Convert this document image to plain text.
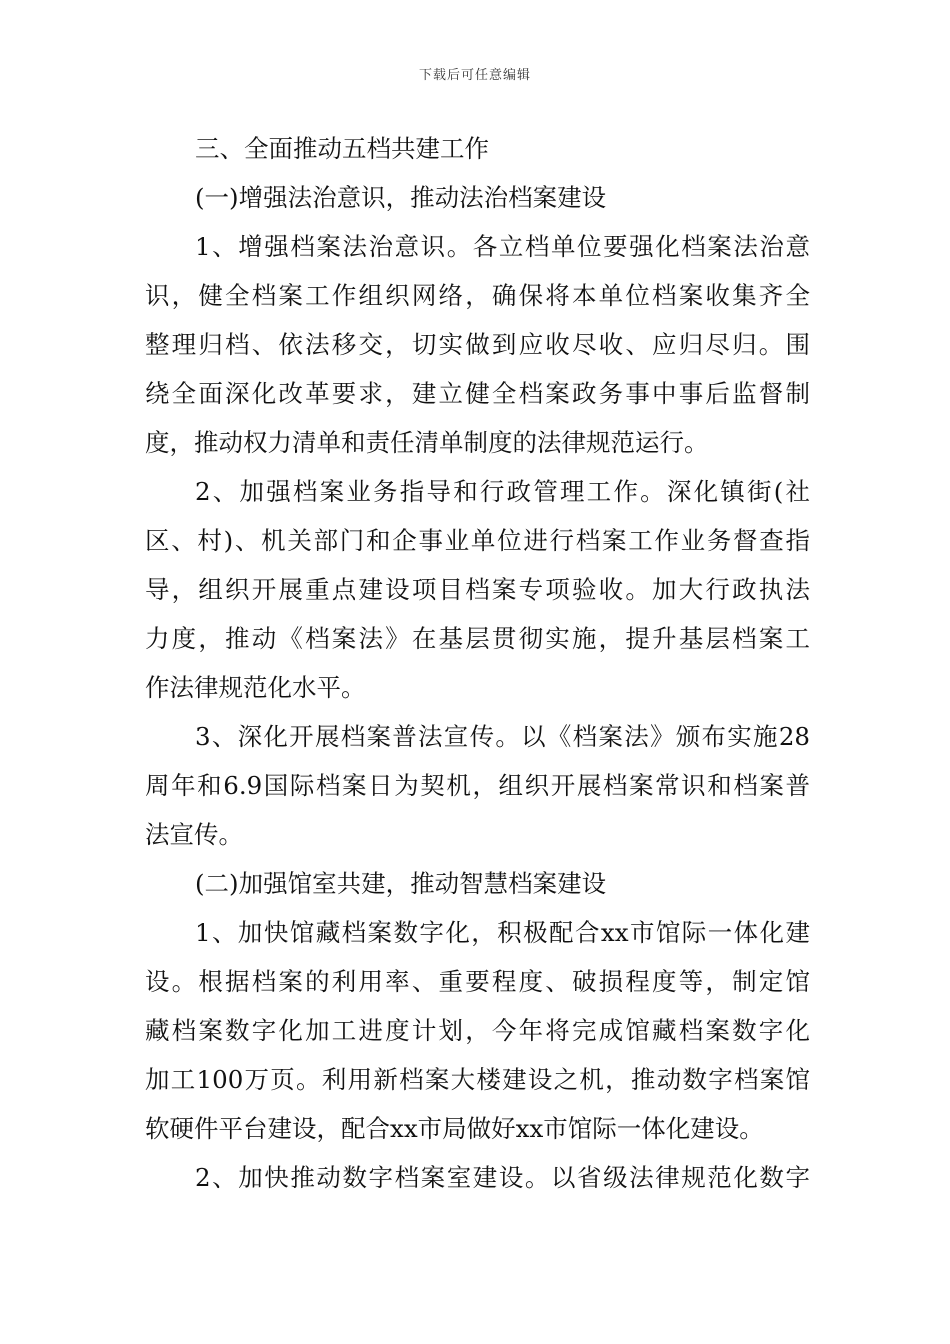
下载后可任意编辑
三、全面推动五档共建工作
(一)增强法治意识，推动法治档案建设
1、增强档案法治意识。各立档单位要强化档案法治意
识，健全档案工作组织网络，确保将本单位档案收集齐全
整理归档、依法移交，切实做到应收尽收、应归尽归。围
绕全面深化改革要求，建立健全档案政务事中事后监督制
度，推动权力清单和责任清单制度的法律规范运行。
2、加强档案业务指导和行政管理工作。深化镇街(社
区、村)、机关部门和企事业单位进行档案工作业务督查指
导，组织开展重点建设项目档案专项验收。加大行政执法
力度，推动《档案法》在基层贯彻实施，提升基层档案工
作法律规范化水平。
3、深化开展档案普法宣传。以《档案法》颁布实施28
周年和6.9国际档案日为契机，组织开展档案常识和档案普
法宣传。
(二)加强馆室共建，推动智慧档案建设
1、加快馆藏档案数字化，积极配合xx市馆际一体化建
设。根据档案的利用率、重要程度、破损程度等，制定馆
藏档案数字化加工进度计划，今年将完成馆藏档案数字化
加工100万页。利用新档案大楼建设之机，推动数字档案馆
软硬件平台建设，配合xx市局做好xx市馆际一体化建设。
2、加快推动数字档案室建设。以省级法律规范化数字
